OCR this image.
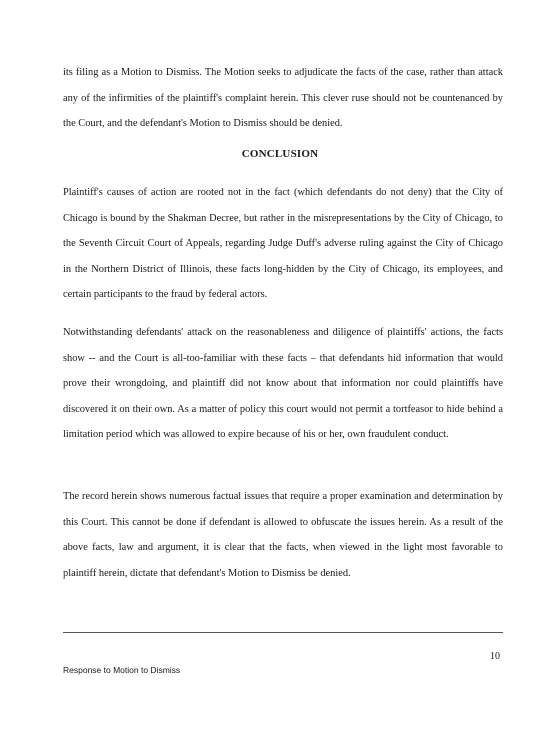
its filing as a Motion to Dismiss. The Motion seeks to adjudicate the facts of the case, rather than attack any of the infirmities of the plaintiff's complaint herein. This clever ruse should not be countenanced by the Court, and the defendant's Motion to Dismiss should be denied.

CONCLUSION

Plaintiff's causes of action are rooted not in the fact (which defendants do not deny) that the City of Chicago is bound by the Shakman Decree, but rather in the misrepresentations by the City of Chicago, to the Seventh Circuit Court of Appeals, regarding Judge Duff's adverse ruling against the City of Chicago in the Northern District of Illinois, these facts long-hidden by the City of Chicago, its employees, and certain participants to the fraud by federal actors.

Notwithstanding defendants' attack on the reasonableness and diligence of plaintiffs' actions, the facts show -- and the Court is all-too-familiar with these facts – that defendants hid information that would prove their wrongdoing, and plaintiff did not know about that information nor could plaintiffs have discovered it on their own. As a matter of policy this court would not permit a tortfeasor to hide behind a limitation period which was allowed to expire because of his or her, own fraudulent conduct.

The record herein shows numerous factual issues that require a proper examination and determination by this Court. This cannot be done if defendant is allowed to obfuscate the issues herein. As a result of the above facts, law and argument, it is clear that the facts, when viewed in the light most favorable to plaintiff herein, dictate that defendant's Motion to Dismiss be denied.

10
Response to Motion to Dismiss
